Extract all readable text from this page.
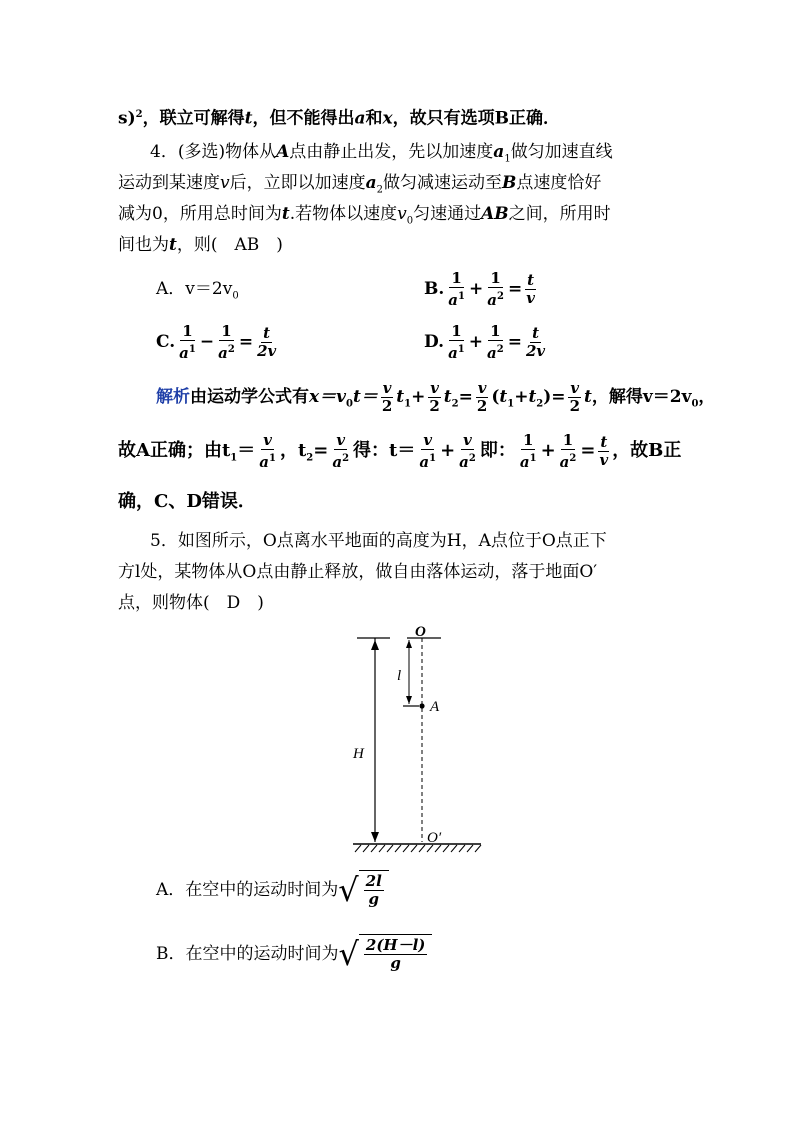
s)$^2$，联立可解得t，但不能得出a和x，故只有选项B正确．
4．(多选)物体从A点由静止出发，先以加速度$a_1$做匀加速直线
运动到某速度v后，立即以加速度$a_2$做匀减速运动至B点速度恰好
减为0，所用总时间为t.若物体以速度$v_0$匀速通过AB之间，所用时
间也为t，则(　AB　)
A．$v=2v_0$	B. $\frac{1}{a^1} + \frac{1}{a^2} = \frac{t}{v}$
C. $\frac{1}{a^1} - \frac{1}{a^2} = \frac{t}{2v}$	D. $\frac{1}{a^1} + \frac{1}{a^2} = \frac{t}{2v}$
解析由运动学公式有$x=v_0t= \frac{v}{2} t_1+ \frac{v}{2} t_2= \frac{v}{2} (t_1+t_2)= \frac{v}{2}$ t，解得$v=2v_0$，
故A正确；由$t_1= \frac{v}{a^1}$ ，$t_2= \frac{v}{a^2}$ 得：$t= \frac{v}{a^1} + \frac{v}{a^2}$ 即： $\frac{1}{a^1} + \frac{1}{a^2} = \frac{t}{v}$ ，故B正
确，C、D错误．
5．如图所示，O点离水平地面的高度为H，A点位于O点正下
方l处，某物体从O点由静止释放，做自由落体运动，落于地面O′
点，则物体(　D　)
O
l
A
H
O′
A．在空中的运动时间为 √ $\frac{2l}{g}$
B．在空中的运动时间为 √ $\frac{2(H-l)}{g}$
